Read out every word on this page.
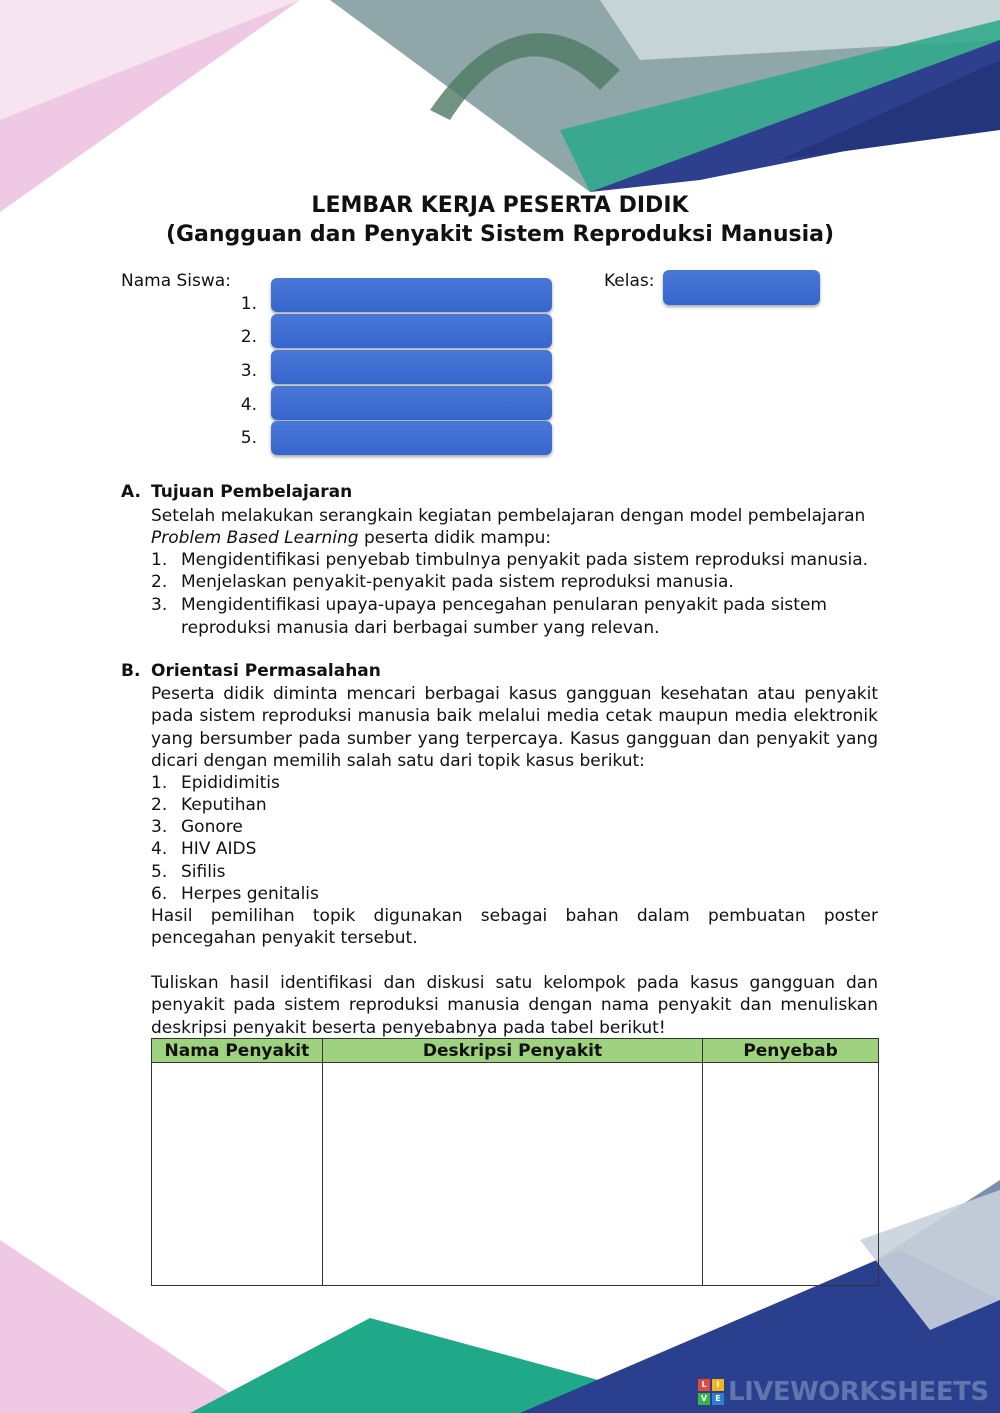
LEMBAR KERJA PESERTA DIDIK
(Gangguan dan Penyakit Sistem Reproduksi Manusia)
Nama Siswa:	Kelas:
1.
2.
3.
4.
5.
A. Tujuan Pembelajaran
Setelah melakukan serangkain kegiatan pembelajaran dengan model pembelajaran
Problem Based Learning peserta didik mampu:
1. Mengidentifikasi penyebab timbulnya penyakit pada sistem reproduksi manusia.
2. Menjelaskan penyakit-penyakit pada sistem reproduksi manusia.
3. Mengidentifikasi upaya-upaya pencegahan penularan penyakit pada sistem
reproduksi manusia dari berbagai sumber yang relevan.
B. Orientasi Permasalahan
Peserta didik diminta mencari berbagai kasus gangguan kesehatan atau penyakit pada sistem reproduksi manusia baik melalui media cetak maupun media elektronik yang bersumber pada sumber yang terpercaya. Kasus gangguan dan penyakit yang dicari dengan memilih salah satu dari topik kasus berikut:
1. Epididimitis
2. Keputihan
3. Gonore
4. HIV AIDS
5. Sifilis
6. Herpes genitalis
Hasil pemilihan topik digunakan sebagai bahan dalam pembuatan poster pencegahan penyakit tersebut.
Tuliskan hasil identifikasi dan diskusi satu kelompok pada kasus gangguan dan penyakit pada sistem reproduksi manusia dengan nama penyakit dan menuliskan deskripsi penyakit beserta penyebabnya pada tabel berikut!
Nama Penyakit	Deskripsi Penyakit	Penyebab

L	I
V	E LIVEWORKSHEETS
